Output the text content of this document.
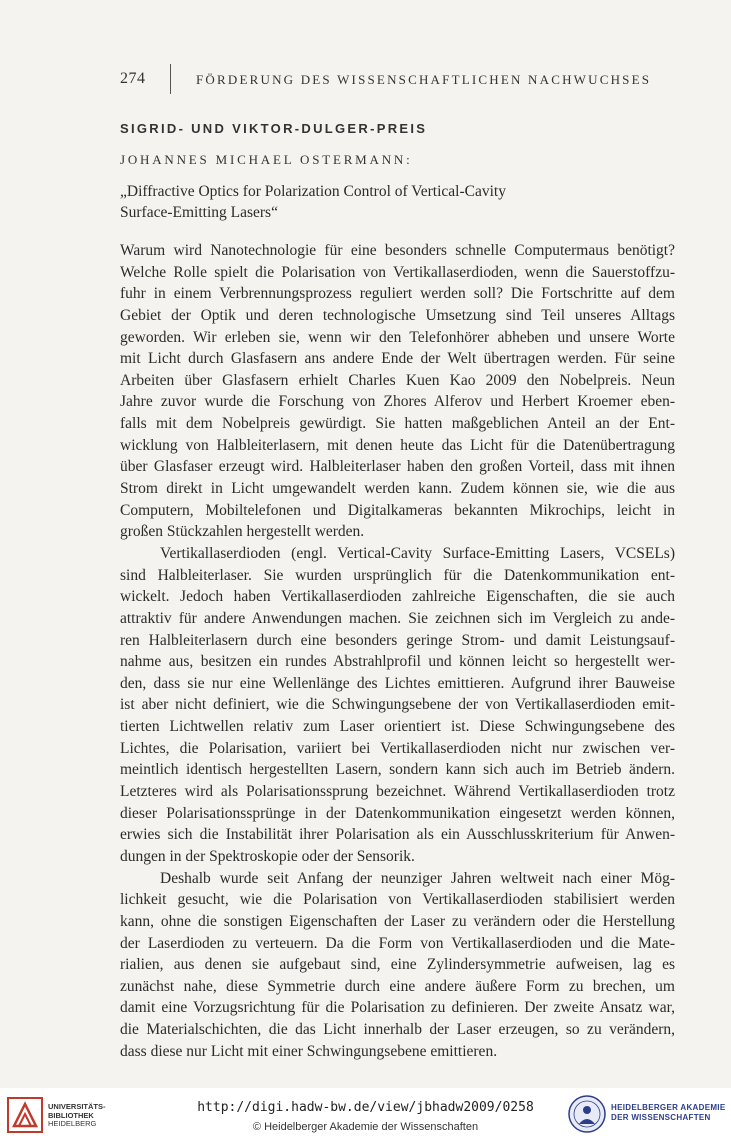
274	FÖRDERUNG DES WISSENSCHAFTLICHEN NACHWUCHSES
SIGRID- UND VIKTOR-DULGER-PREIS
JOHANNES MICHAEL OSTERMANN:
„Diffractive Optics for Polarization Control of Vertical-Cavity
Surface-Emitting Lasers“
Warum wird Nanotechnologie für eine besonders schnelle Computermaus benötigt?
Welche Rolle spielt die Polarisation von Vertikallaserdioden, wenn die Sauerstoffzu-
fuhr in einem Verbrennungsprozess reguliert werden soll? Die Fortschritte auf dem
Gebiet der Optik und deren technologische Umsetzung sind Teil unseres Alltags
geworden. Wir erleben sie, wenn wir den Telefonhörer abheben und unsere Worte
mit Licht durch Glasfasern ans andere Ende der Welt übertragen werden. Für seine
Arbeiten über Glasfasern erhielt Charles Kuen Kao 2009 den Nobelpreis. Neun
Jahre zuvor wurde die Forschung von Zhores Alferov und Herbert Kroemer eben-
falls mit dem Nobelpreis gewürdigt. Sie hatten maßgeblichen Anteil an der Ent-
wicklung von Halbleiterlasern, mit denen heute das Licht für die Datenübertragung
über Glasfaser erzeugt wird. Halbleiterlaser haben den großen Vorteil, dass mit ihnen
Strom direkt in Licht umgewandelt werden kann. Zudem können sie, wie die aus
Computern, Mobiltelefonen und Digitalkameras bekannten Mikrochips, leicht in
großen Stückzahlen hergestellt werden.
Vertikallaserdioden (engl. Vertical-Cavity Surface-Emitting Lasers, VCSELs)
sind Halbleiterlaser. Sie wurden ursprünglich für die Datenkommunikation ent-
wickelt. Jedoch haben Vertikallaserdioden zahlreiche Eigenschaften, die sie auch
attraktiv für andere Anwendungen machen. Sie zeichnen sich im Vergleich zu ande-
ren Halbleiterlasern durch eine besonders geringe Strom- und damit Leistungsauf-
nahme aus, besitzen ein rundes Abstrahlprofil und können leicht so hergestellt wer-
den, dass sie nur eine Wellenlänge des Lichtes emittieren. Aufgrund ihrer Bauweise
ist aber nicht definiert, wie die Schwingungsebene der von Vertikallaserdioden emit-
tierten Lichtwellen relativ zum Laser orientiert ist. Diese Schwingungsebene des
Lichtes, die Polarisation, variiert bei Vertikallaserdioden nicht nur zwischen ver-
meintlich identisch hergestellten Lasern, sondern kann sich auch im Betrieb ändern.
Letzteres wird als Polarisationssprung bezeichnet. Während Vertikallaserdioden trotz
dieser Polarisationssprünge in der Datenkommunikation eingesetzt werden können,
erwies sich die Instabilität ihrer Polarisation als ein Ausschlusskriterium für Anwen-
dungen in der Spektroskopie oder der Sensorik.
Deshalb wurde seit Anfang der neunziger Jahren weltweit nach einer Mög-
lichkeit gesucht, wie die Polarisation von Vertikallaserdioden stabilisiert werden
kann, ohne die sonstigen Eigenschaften der Laser zu verändern oder die Herstellung
der Laserdioden zu verteuern. Da die Form von Vertikallaserdioden und die Mate-
rialien, aus denen sie aufgebaut sind, eine Zylindersymmetrie aufweisen, lag es
zunächst nahe, diese Symmetrie durch eine andere äußere Form zu brechen, um
damit eine Vorzugsrichtung für die Polarisation zu definieren. Der zweite Ansatz war,
die Materialschichten, die das Licht innerhalb der Laser erzeugen, so zu verändern,
dass diese nur Licht mit einer Schwingungsebene emittieren.
UNIVERSITÄTS-
BIBLIOTHEK
HEIDELBERG
http://digi.hadw-bw.de/view/jbhadw2009/0258
© Heidelberger Akademie der Wissenschaften
HEIDELBERGER AKADEMIE
DER WISSENSCHAFTEN
